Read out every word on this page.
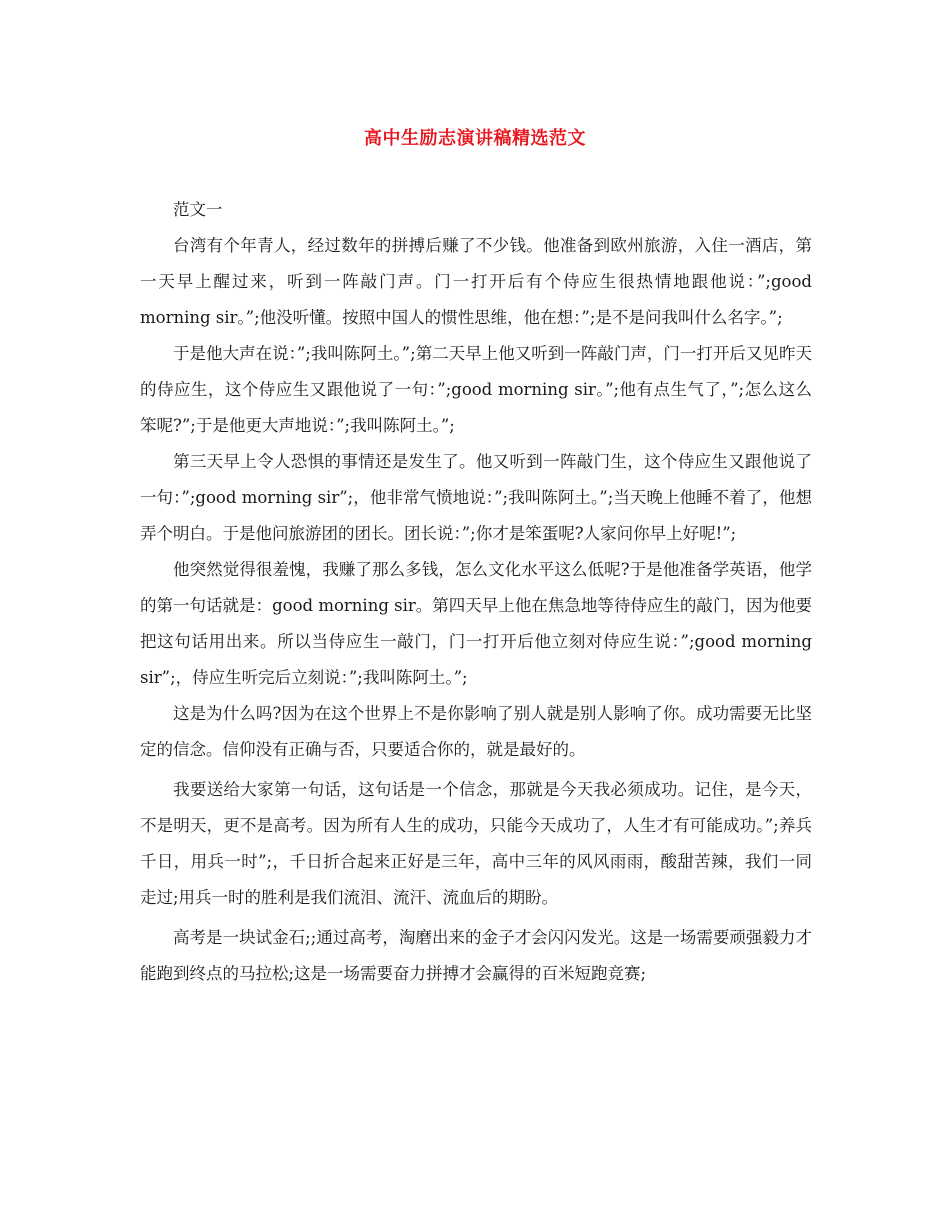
高中生励志演讲稿精选范文

范文一

台湾有个年青人，经过数年的拼搏后赚了不少钱。他准备到欧州旅游，入住一酒店，第一天早上醒过来，听到一阵敲门声。门一打开后有个侍应生很热情地跟他说：”;good morning sir。”;他没听懂。按照中国人的惯性思维，他在想：”;是不是问我叫什么名字。”;

于是他大声在说：”;我叫陈阿土。”;第二天早上他又听到一阵敲门声，门一打开后又见昨天的侍应生，这个侍应生又跟他说了一句：”;good morning sir。”;他有点生气了，”;怎么这么笨呢?”;于是他更大声地说：”;我叫陈阿土。”;

第三天早上令人恐惧的事情还是发生了。他又听到一阵敲门生，这个侍应生又跟他说了一句：”;good morning sir”;，他非常气愤地说：”;我叫陈阿土。”;当天晚上他睡不着了，他想弄个明白。于是他问旅游团的团长。团长说：”;你才是笨蛋呢?人家问你早上好呢!”;

他突然觉得很羞愧，我赚了那么多钱，怎么文化水平这么低呢?于是他准备学英语，他学的第一句话就是：good morning sir。第四天早上他在焦急地等待侍应生的敲门，因为他要把这句话用出来。所以当侍应生一敲门，门一打开后他立刻对侍应生说：”;good morning sir”;，侍应生听完后立刻说：”;我叫陈阿土。”;

这是为什么吗?因为在这个世界上不是你影响了别人就是别人影响了你。成功需要无比坚定的信念。信仰没有正确与否，只要适合你的，就是最好的。

我要送给大家第一句话，这句话是一个信念，那就是今天我必须成功。记住，是今天，不是明天，更不是高考。因为所有人生的成功，只能今天成功了，人生才有可能成功。”;养兵千日，用兵一时”;，千日折合起来正好是三年，高中三年的风风雨雨，酸甜苦辣，我们一同走过;用兵一时的胜利是我们流泪、流汗、流血后的期盼。

高考是一块试金石;;通过高考，淘磨出来的金子才会闪闪发光。这是一场需要顽强毅力才能跑到终点的马拉松;这是一场需要奋力拼搏才会赢得的百米短跑竞赛;
